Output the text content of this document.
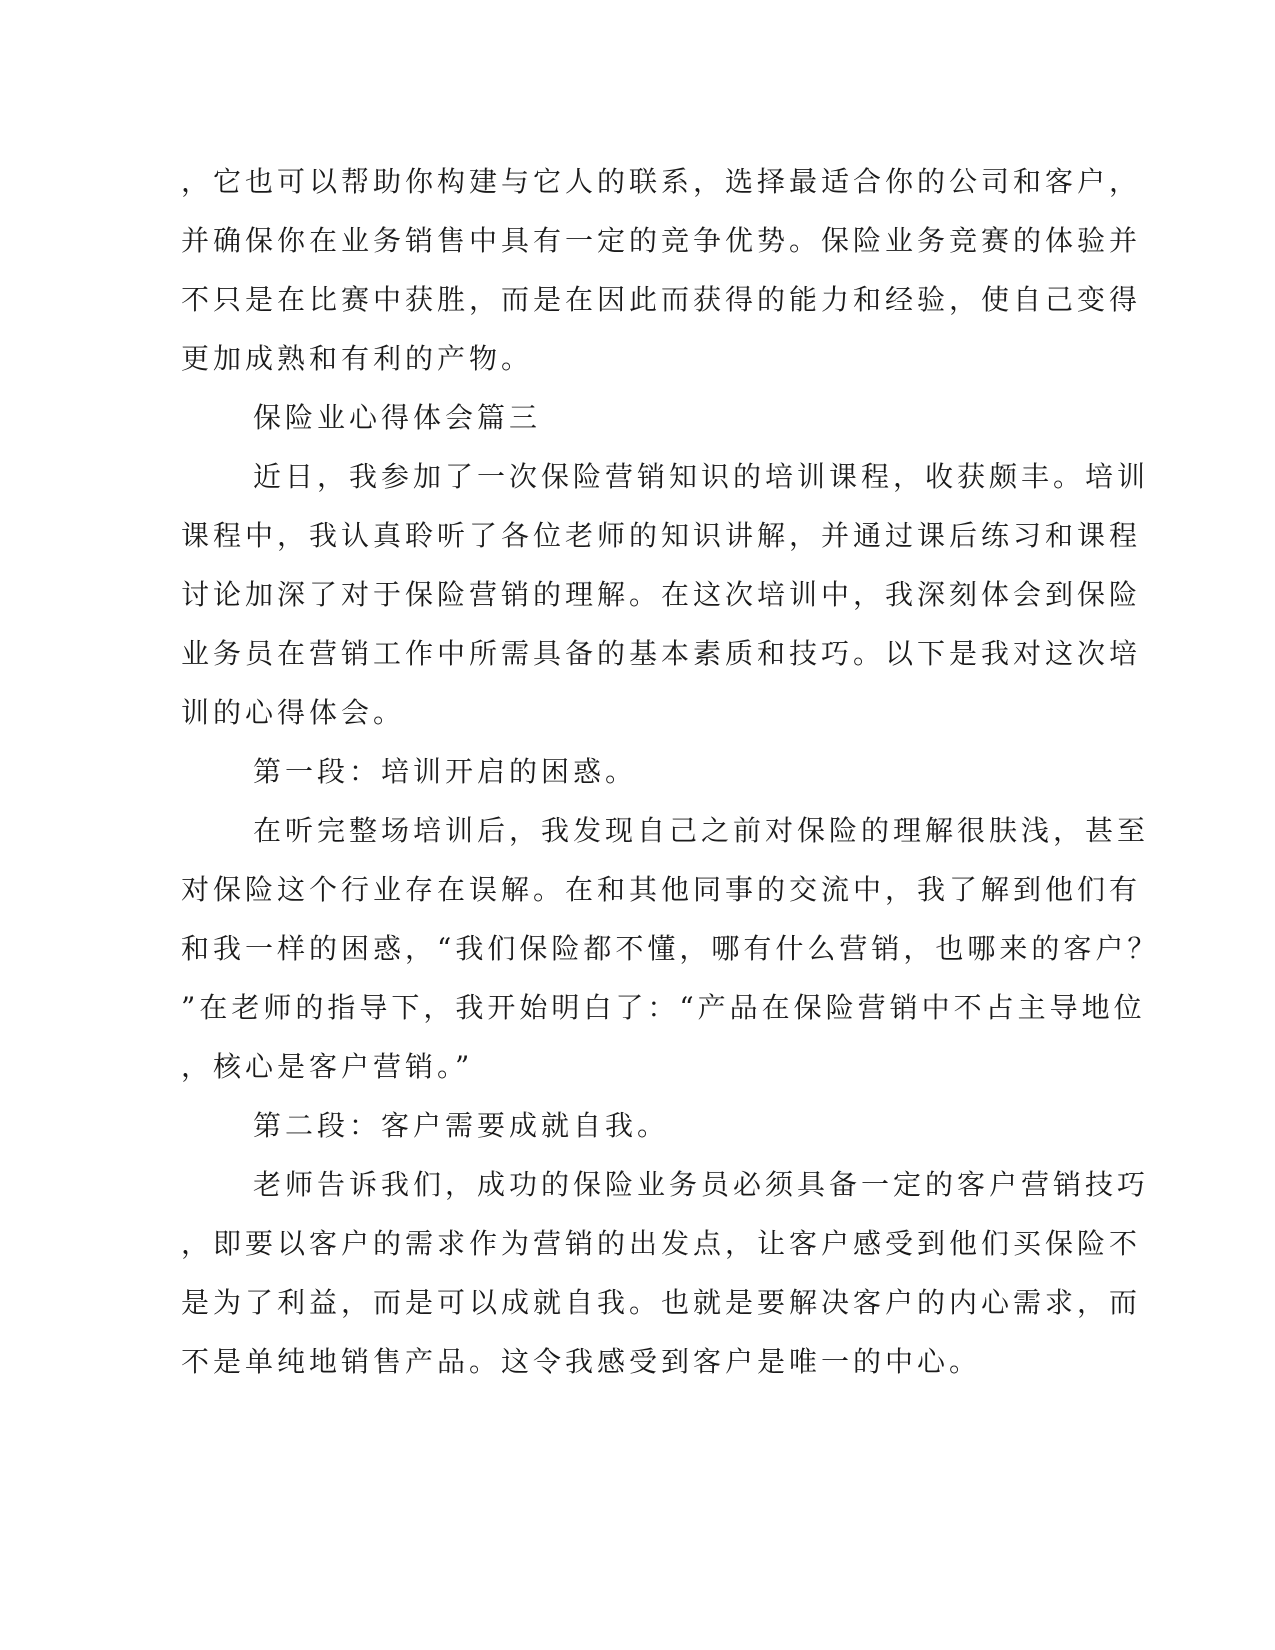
，它也可以帮助你构建与它人的联系，选择最适合你的公司和客户，
并确保你在业务销售中具有一定的竞争优势。保险业务竞赛的体验并
不只是在比赛中获胜，而是在因此而获得的能力和经验，使自己变得
更加成熟和有利的产物。
保险业心得体会篇三
近日，我参加了一次保险营销知识的培训课程，收获颇丰。培训
课程中，我认真聆听了各位老师的知识讲解，并通过课后练习和课程
讨论加深了对于保险营销的理解。在这次培训中，我深刻体会到保险
业务员在营销工作中所需具备的基本素质和技巧。以下是我对这次培
训的心得体会。
第一段：培训开启的困惑。
在听完整场培训后，我发现自己之前对保险的理解很肤浅，甚至
对保险这个行业存在误解。在和其他同事的交流中，我了解到他们有
和我一样的困惑，“我们保险都不懂，哪有什么营销，也哪来的客户？
”在老师的指导下，我开始明白了：“产品在保险营销中不占主导地位
，核心是客户营销。”
第二段：客户需要成就自我。
老师告诉我们，成功的保险业务员必须具备一定的客户营销技巧
，即要以客户的需求作为营销的出发点，让客户感受到他们买保险不
是为了利益，而是可以成就自我。也就是要解决客户的内心需求，而
不是单纯地销售产品。这令我感受到客户是唯一的中心。
